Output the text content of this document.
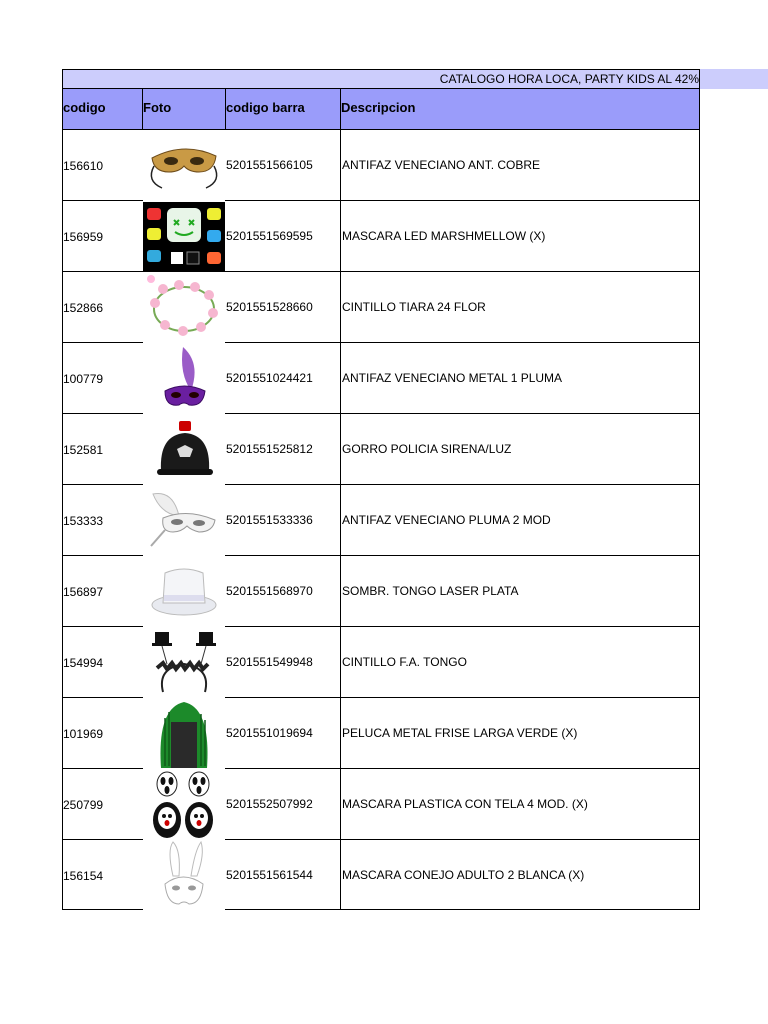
CATALOGO HORA LOCA, PARTY KIDS AL 42%
codigo	Foto	codigo barra	Descripcion
156610	5201551566105	ANTIFAZ VENECIANO ANT. COBRE
156959	5201551569595	MASCARA LED MARSHMELLOW (X)
152866	5201551528660	CINTILLO TIARA 24 FLOR
100779	5201551024421	ANTIFAZ VENECIANO METAL 1 PLUMA
152581	5201551525812	GORRO POLICIA SIRENA/LUZ
153333	5201551533336	ANTIFAZ VENECIANO PLUMA 2 MOD
156897	5201551568970	SOMBR. TONGO LASER PLATA
154994	5201551549948	CINTILLO F.A. TONGO
101969	5201551019694	PELUCA METAL FRISE LARGA VERDE (X)
250799	5201552507992	MASCARA PLASTICA CON TELA 4 MOD. (X)
156154	5201551561544	MASCARA CONEJO ADULTO 2 BLANCA (X)
